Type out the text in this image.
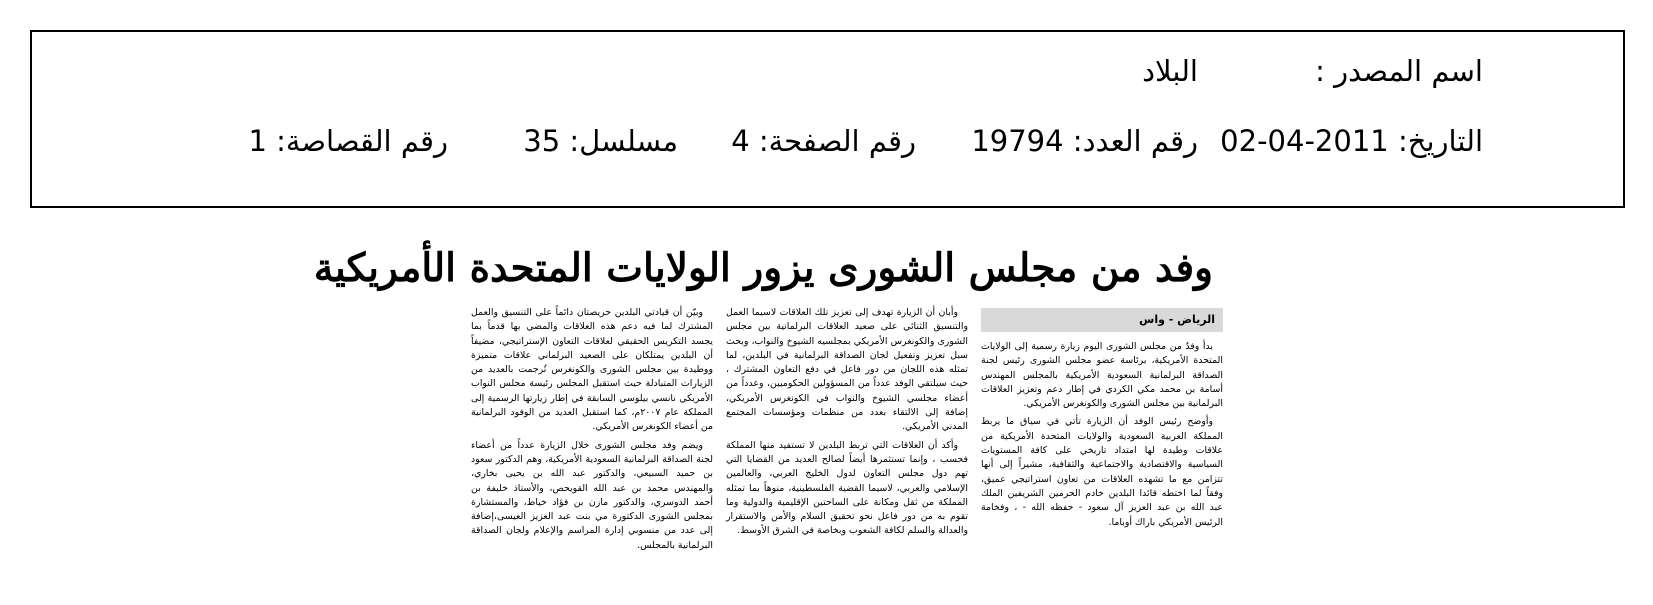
اسم المصدر :
البلاد
التاريخ: 2011-04-02
رقم العدد: 19794
رقم الصفحة: 4
مسلسل: 35
رقم القصاصة: 1
وفد من مجلس الشورى يزور الولايات المتحدة الأمريكية
الرياض - واس

بدأ وفدٌ من مجلس الشورى اليوم زيارة رسمية إلى الولايات المتحدة الأمريكية، برئاسة عضو مجلس الشورى رئيس لجنة الصداقة البرلمانية السعودية الأمريكية بالمجلس المهندس أسامة بن محمد مكي الكردي في إطار دعم وتعزيز العلاقات البرلمانية بين مجلس الشورى والكونغرس الأمريكي.

وأوضح رئيس الوفد أن الزيارة تأتي في سياق ما يربط المملكة العربية السعودية والولايات المتحدة الأمريكية من علاقات وطيدة لها امتداد تاريخي على كافة المستويات السياسية والاقتصادية والاجتماعية والثقافية، مشيراً إلى أنها تتزامن مع ما تشهده العلاقات من تعاون استراتيجي عميق، وفقاً لما اختطه قائدا البلدين خادم الحرمين الشريفين الملك عبد الله بن عبد العزيز آل سعود - حفظه الله - ، وفخامة الرئيس الأمريكي باراك أوباما.

وأبان أن الزيارة تهدف إلى تعزيز تلك العلاقات لاسيما العمل والتنسيق الثنائي على صعيد العلاقات البرلمانية بين مجلس الشورى والكونغرس الأمريكي بمجلسيه الشيوخ والنواب، وبحث سبل تعزيز وتفعيل لجان الصداقة البرلمانية في البلدين، لما تمثله هذه اللجان من دور فاعل في دفع التعاون المشترك ، حيث سيلتقي الوفد عدداً من المسؤولين الحكوميين، وعدداً من أعضاء مجلسي الشيوخ والنواب في الكونغرس الأمريكي، إضافة إلى الالتقاء بعدد من منظمات ومؤسسات المجتمع المدني الأمريكي.

وأكد أن العلاقات التي تربط البلدين لا تستفيد منها المملكة فحسب ، وإنما تستثمرها أيضاً لصالح العديد من القضايا التي تهم دول مجلس التعاون لدول الخليج العربي، والعالمين الإسلامي والعربي، لاسيما القضية الفلسطينية، منوهاً بما تمثله المملكة من ثقل ومكانة على الساحتين الإقليمية والدولية وما تقوم به من دور فاعل نحو تحقيق السلام والأمن والاستقرار والعدالة والسلم لكافة الشعوب وبخاصة في الشرق الأوسط.

وبيّن أن قيادتي البلدين حريصتان دائماً على التنسيق والعمل المشترك لما فيه دعم هذه العلاقات والمضي بها قدماً بما يجسد التكريس الحقيقي لعلاقات التعاون الإستراتيجي، مضيفاً أن البلدين يمتلكان على الصعيد البرلماني علاقات متميزة ووطيدة بين مجلس الشورى والكونغرس تُرجمت بالعديد من الزيارات المتبادلة حيث استقبل المجلس رئيسة مجلس النواب الأمريكي نانسي بيلوسي السابقة في إطار زيارتها الرسمية إلى المملكة عام ٢٠٠٧م، كما استقبل العديد من الوفود البرلمانية من أعضاء الكونغرس الأمريكي.

ويضم وفد مجلس الشورى خلال الزيارة عدداً من أعضاء لجنة الصداقة البرلمانية السعودية الأمريكية، وهم الدكتور سعود بن حميد السبيعي، والدكتور عبد الله بن يحيى بخاري، والمهندس محمد بن عبد الله القويحص، والأستاذ خليفة بن أحمد الدوسري، والدكتور مازن بن فؤاد خياط، والمستشارة بمجلس الشورى الدكتورة مي بنت عبد العزيز العيسى،إضافة إلى عدد من منسوبي إدارة المراسم والإعلام ولجان الصداقة البرلمانية بالمجلس.
